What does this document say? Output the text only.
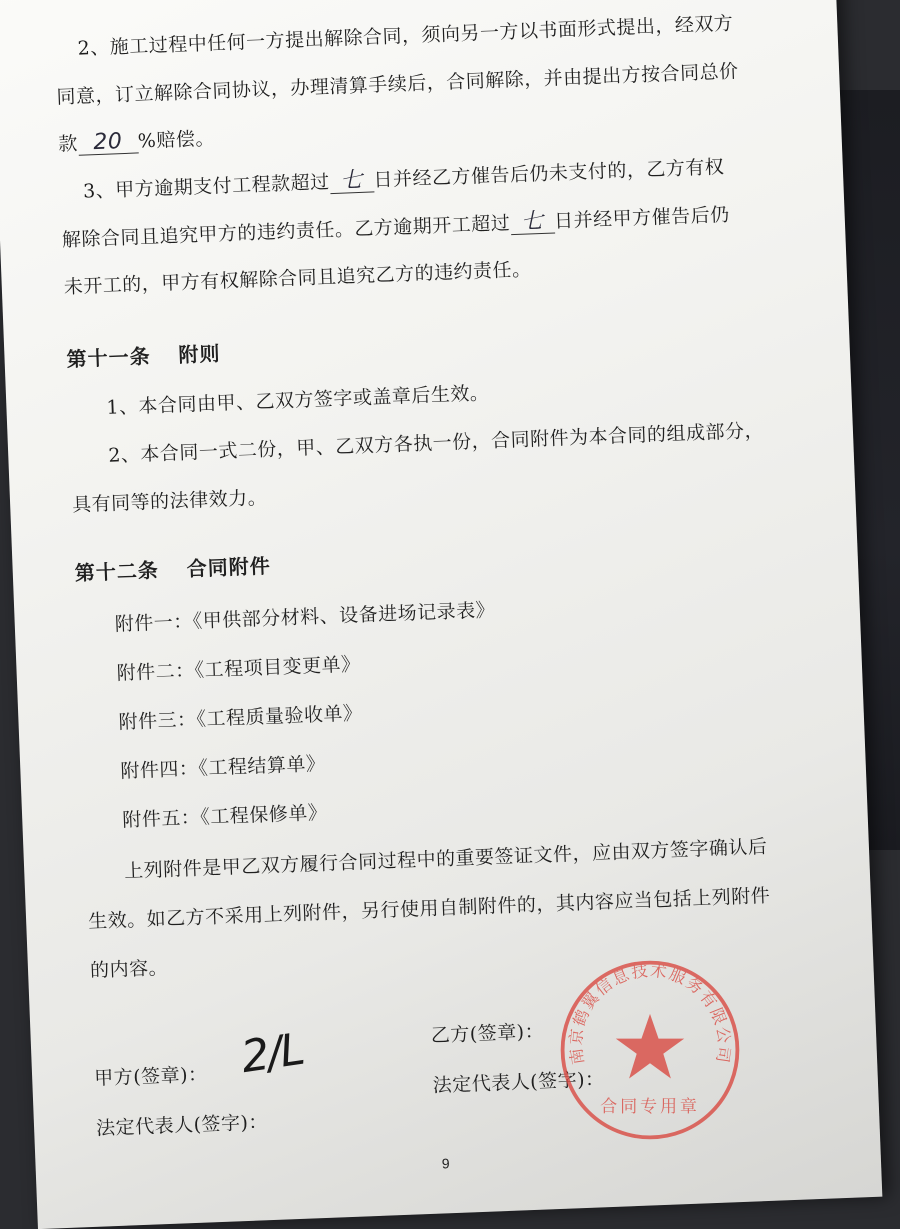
2、施工过程中任何一方提出解除合同，须向另一方以书面形式提出，经双方
同意，订立解除合同协议，办理清算手续后，合同解除，并由提出方按合同总价
款 20 %赔偿。
3、甲方逾期支付工程款超过 七 日并经乙方催告后仍未支付的，乙方有权
解除合同且追究甲方的违约责任。乙方逾期开工超过 七 日并经甲方催告后仍
未开工的，甲方有权解除合同且追究乙方的违约责任。
第十一条 附则
1、本合同由甲、乙双方签字或盖章后生效。
2、本合同一式二份，甲、乙双方各执一份，合同附件为本合同的组成部分，
具有同等的法律效力。
第十二条 合同附件
附件一：《甲供部分材料、设备进场记录表》
附件二：《工程项目变更单》
附件三：《工程质量验收单》
附件四：《工程结算单》
附件五：《工程保修单》
上列附件是甲乙双方履行合同过程中的重要签证文件，应由双方签字确认后
生效。如乙方不采用上列附件，另行使用自制附件的，其内容应当包括上列附件
的内容。
甲方(签章)： 2/L
法定代表人(签字)：
乙方(签章)：
法定代表人(签字)：
9
南京鹤翼信息技术服务有限公司
合同专用章
